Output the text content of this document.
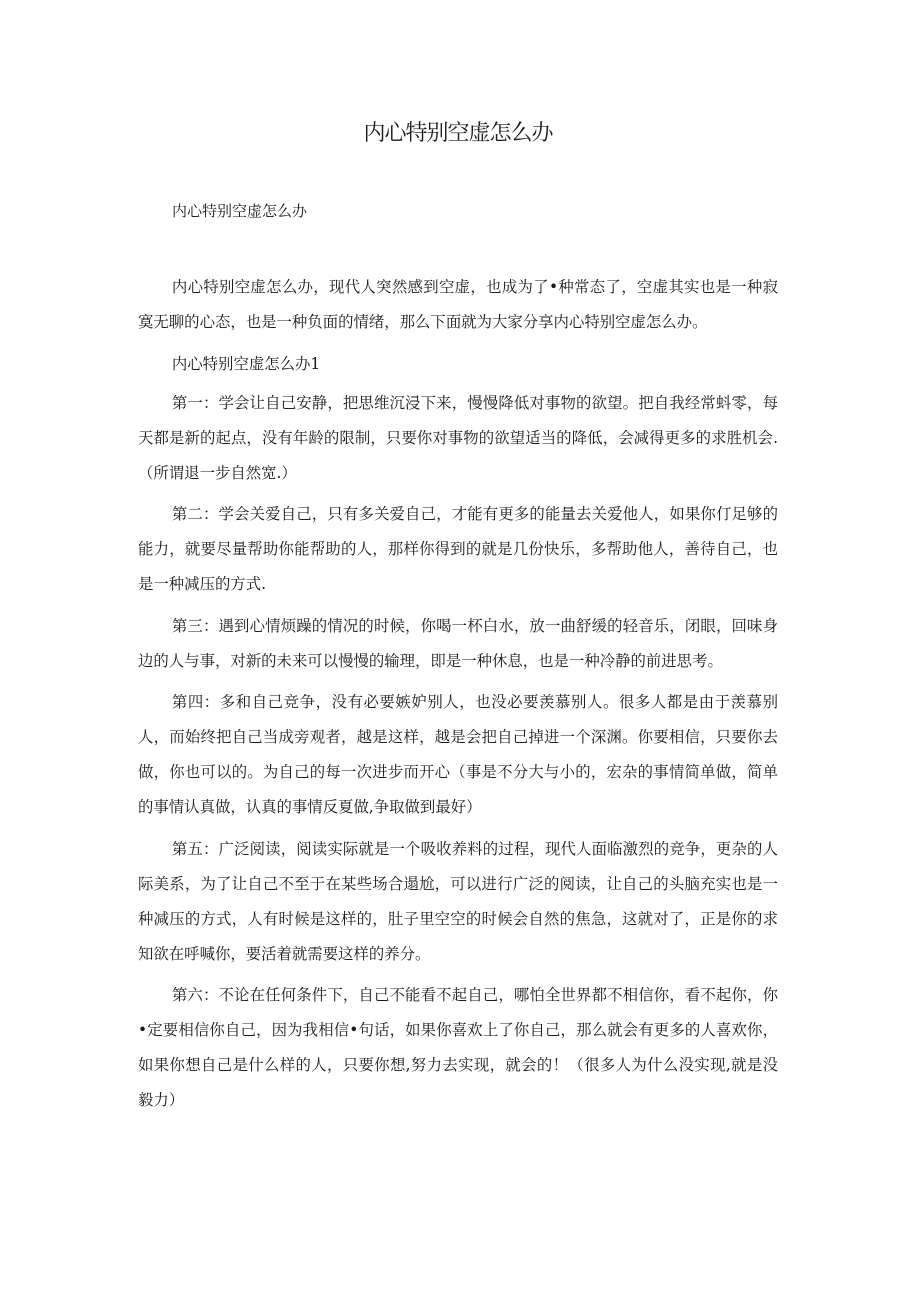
内心特别空虚怎么办

内心特别空虚怎么办

内心特别空虚怎么办，现代人突然感到空虚，也成为了•种常态了，空虚其实也是一种寂寞无聊的心态，也是一种负面的情绪，那么下面就为大家分享内心特别空虚怎么办。

内心特别空虚怎么办1

第一：学会让自己安静，把思维沉浸下来，慢慢降低对事物的欲望。把自我经常蚪零，每天都是新的起点，没有年龄的限制，只要你对事物的欲望适当的降低，会减得更多的求胜机会.（所谓退一步自然宽.）

第二：学会关爱自己，只有多关爱自己，才能有更多的能量去关爱他人，如果你仃足够的能力，就要尽量帮助你能帮助的人，那样你得到的就是几份快乐，多帮助他人，善待自己，也是一种减压的方式.

第三：遇到心情烦躁的情况的时候，你喝一杯白水，放一曲舒缓的轻音乐，闭眼，回味身边的人与事，对新的未来可以慢慢的输理，即是一种休息，也是一种冷静的前进思考。

第四：多和自己竞争，没有必要嫉妒别人，也没必要羡慕别人。很多人都是由于羡慕别人，而始终把自己当成旁观者，越是这样，越是会把自己掉进一个深渊。你要相信，只要你去做，你也可以的。为自己的每一次进步而开心（事是不分大与小的，宏杂的事情简单做，简单的事情认真做，认真的事情反夏做,争取做到最好）

第五：广泛阅读，阅读实际就是一个吸收养料的过程，现代人面临激烈的竞争，更杂的人际美系，为了让自己不至于在某些场合遢尬，可以进行广泛的阅读，让自己的头脑充实也是一种减压的方式，人有时候是这样的，肚子里空空的时候会自然的焦急，这就对了，正是你的求知欲在呼喊你，要活着就需要这样的养分。

第六：不论在任何条件下，自己不能看不起自己，哪怕全世界都不相信你，看不起你，你•定要相信你自己，因为我相信•句话，如果你喜欢上了你自己，那么就会有更多的人喜欢你，如果你想自己是什么样的人，只要你想,努力去实现，就会的！（很多人为什么没实现,就是没毅力）
